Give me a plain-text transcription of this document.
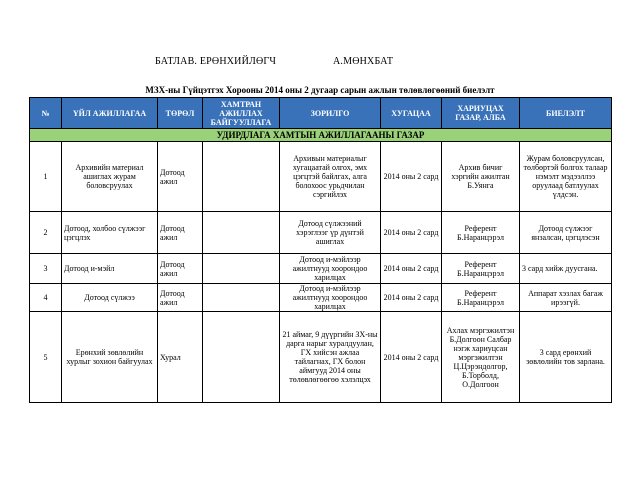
БАТЛАВ. ЕРӨНХИЙЛӨГЧ	А.МӨНХБАТ
МЗХ-ны Гүйцэтгэх Хорооны 2014 оны 2 дугаар сарын ажлын төлөвлөгөөний биелэлт
№	ҮЙЛ АЖИЛЛАГАА	ТӨРӨЛ	ХАМТРАН АЖИЛЛАХ БАЙГУУЛЛАГА	ЗОРИЛГО	ХУГАЦАА	ХАРИУЦАХ ГАЗАР, АЛБА	БИЕЛЭЛТ
УДИРДЛАГА ХАМТЫН АЖИЛЛАГААНЫ ГАЗАР							
1	Архивийн материал ашиглах журам боловсруулах	Дотоод ажил		Архивын материалыг хугацаатай олгох, эмх цэгцтэй байлгах, алга болохоос урьдчилан сэргийлэх	2014 оны 2 сард	Архив бичиг хэргийн ажилтан Б.Уянга	Журам боловсруулсан, төлбөртэй болгох талаар нэмэлт мэдээллээ оруулаад батлуулах үлдсэн.
2	Дотоод, холбоо сүлжээг цэгцлэх	Дотоод ажил		Дотоод сүлжээний хэрэглээг үр дүнтэй ашиглах	2014 оны 2 сард	Референт Б.Наранцэрэл	Дотоод сүлжээг янзалсан, цэгцлэсэн
3	Дотоод и-мэйл	Дотоод ажил		Дотоод и-мэйлээр ажилтнууд хоорондоо харилцах	2014 оны 2 сард	Референт Б.Наранцэрэл	3 сард хийж дуусгана.
4	Дотоод сүлжээ	Дотоод ажил		Дотоод и-мэйлээр ажилтнууд хоорондоо харилцах	2014 оны 2 сард	Референт Б.Наранцэрэл	Аппарат хэзлах багаж ирээгүй.
5	Ерөнхий зөвлөлийн хурлыг зохион байгуулах	Хурал		21 аймаг, 9 дүүргийн ЗХ-ны дарга нарыг хуралдуулан, ГХ хийсэн ажлаа тайлагнах, ГХ болон аймгууд 2014 оны төлөвлөгөөгөө хэлэлцэх	2014 оны 2 сард	Ахлах мэргэжилтэн Б.Долгоон Салбар нэгж хариуцсан мэргэжилтэн Ц.Цэрэндолгор, Б.Торболд, О.Долгоон	3 сард ерөнхий зөвлөлийн тов зарлана.
